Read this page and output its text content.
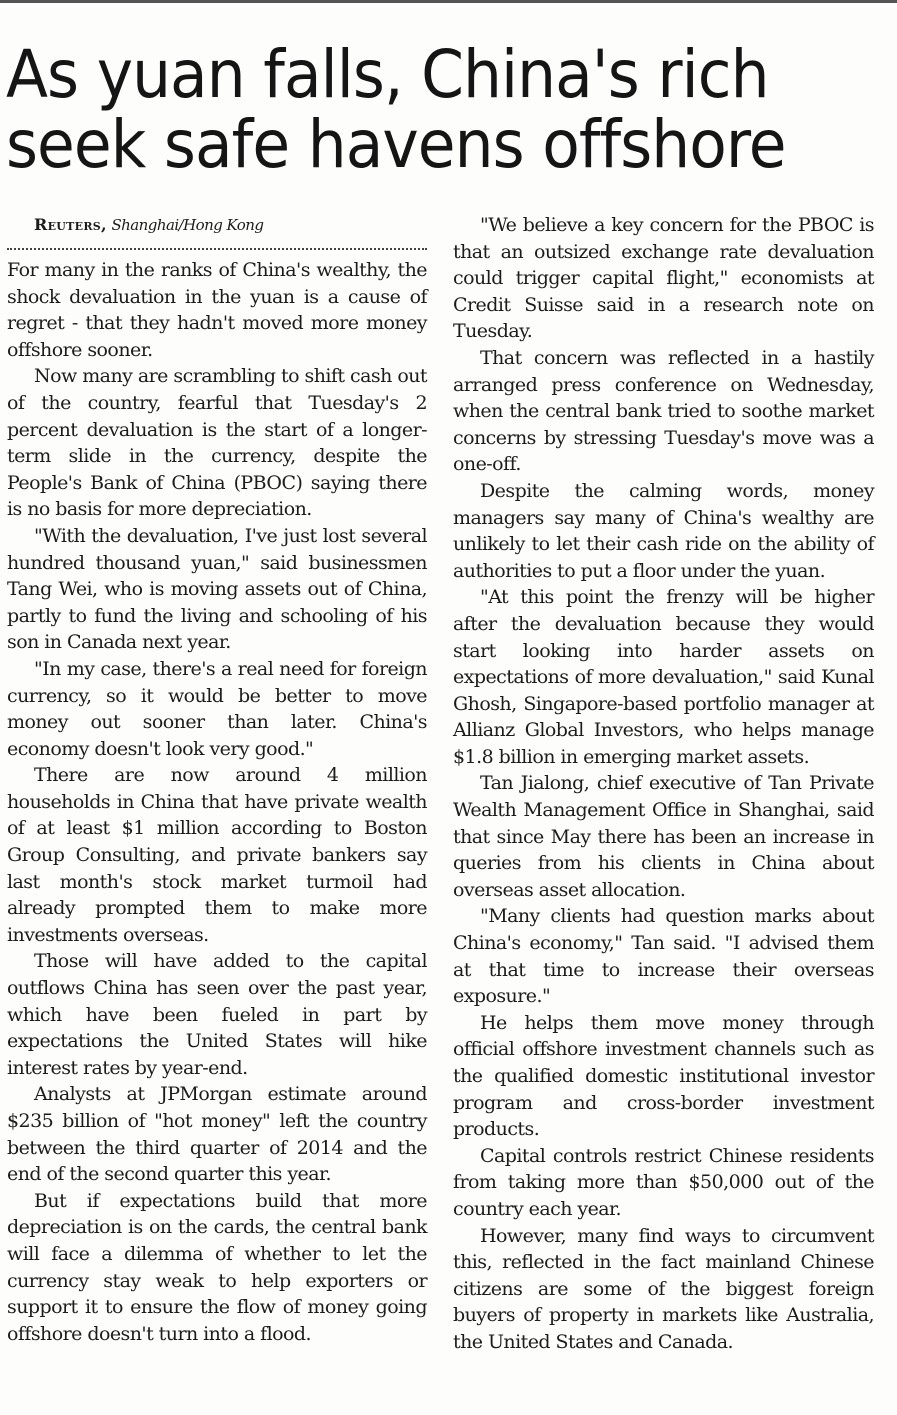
As yuan falls, China's rich
seek safe havens offshore

Reuters, Shanghai/Hong Kong

For many in the ranks of China's wealthy, the shock devaluation in the yuan is a cause of regret - that they hadn't moved more money offshore sooner.

Now many are scrambling to shift cash out of the country, fearful that Tuesday's 2 percent devaluation is the start of a longer-term slide in the currency, despite the People's Bank of China (PBOC) saying there is no basis for more depreciation.

"With the devaluation, I've just lost several hundred thousand yuan," said businessmen Tang Wei, who is moving assets out of China, partly to fund the living and schooling of his son in Canada next year.

"In my case, there's a real need for foreign currency, so it would be better to move money out sooner than later. China's economy doesn't look very good."

There are now around 4 million households in China that have private wealth of at least $1 million according to Boston Group Consulting, and private bankers say last month's stock market turmoil had already prompted them to make more investments overseas.

Those will have added to the capital outflows China has seen over the past year, which have been fueled in part by expectations the United States will hike interest rates by year-end.

Analysts at JPMorgan estimate around $235 billion of "hot money" left the country between the third quarter of 2014 and the end of the second quarter this year.

But if expectations build that more depreciation is on the cards, the central bank will face a dilemma of whether to let the currency stay weak to help exporters or support it to ensure the flow of money going offshore doesn't turn into a flood.

"We believe a key concern for the PBOC is that an outsized exchange rate devaluation could trigger capital flight," economists at Credit Suisse said in a research note on Tuesday.

That concern was reflected in a hastily arranged press conference on Wednesday, when the central bank tried to soothe market concerns by stressing Tuesday's move was a one-off.

Despite the calming words, money managers say many of China's wealthy are unlikely to let their cash ride on the ability of authorities to put a floor under the yuan.

"At this point the frenzy will be higher after the devaluation because they would start looking into harder assets on expectations of more devaluation," said Kunal Ghosh, Singapore-based portfolio manager at Allianz Global Investors, who helps manage $1.8 billion in emerging market assets.

Tan Jialong, chief executive of Tan Private Wealth Management Office in Shanghai, said that since May there has been an increase in queries from his clients in China about overseas asset allocation.

"Many clients had question marks about China's economy," Tan said. "I advised them at that time to increase their overseas exposure."

He helps them move money through official offshore investment channels such as the qualified domestic institutional investor program and cross-border investment products.

Capital controls restrict Chinese residents from taking more than $50,000 out of the country each year.

However, many find ways to circumvent this, reflected in the fact mainland Chinese citizens are some of the biggest foreign buyers of property in markets like Australia, the United States and Canada.
